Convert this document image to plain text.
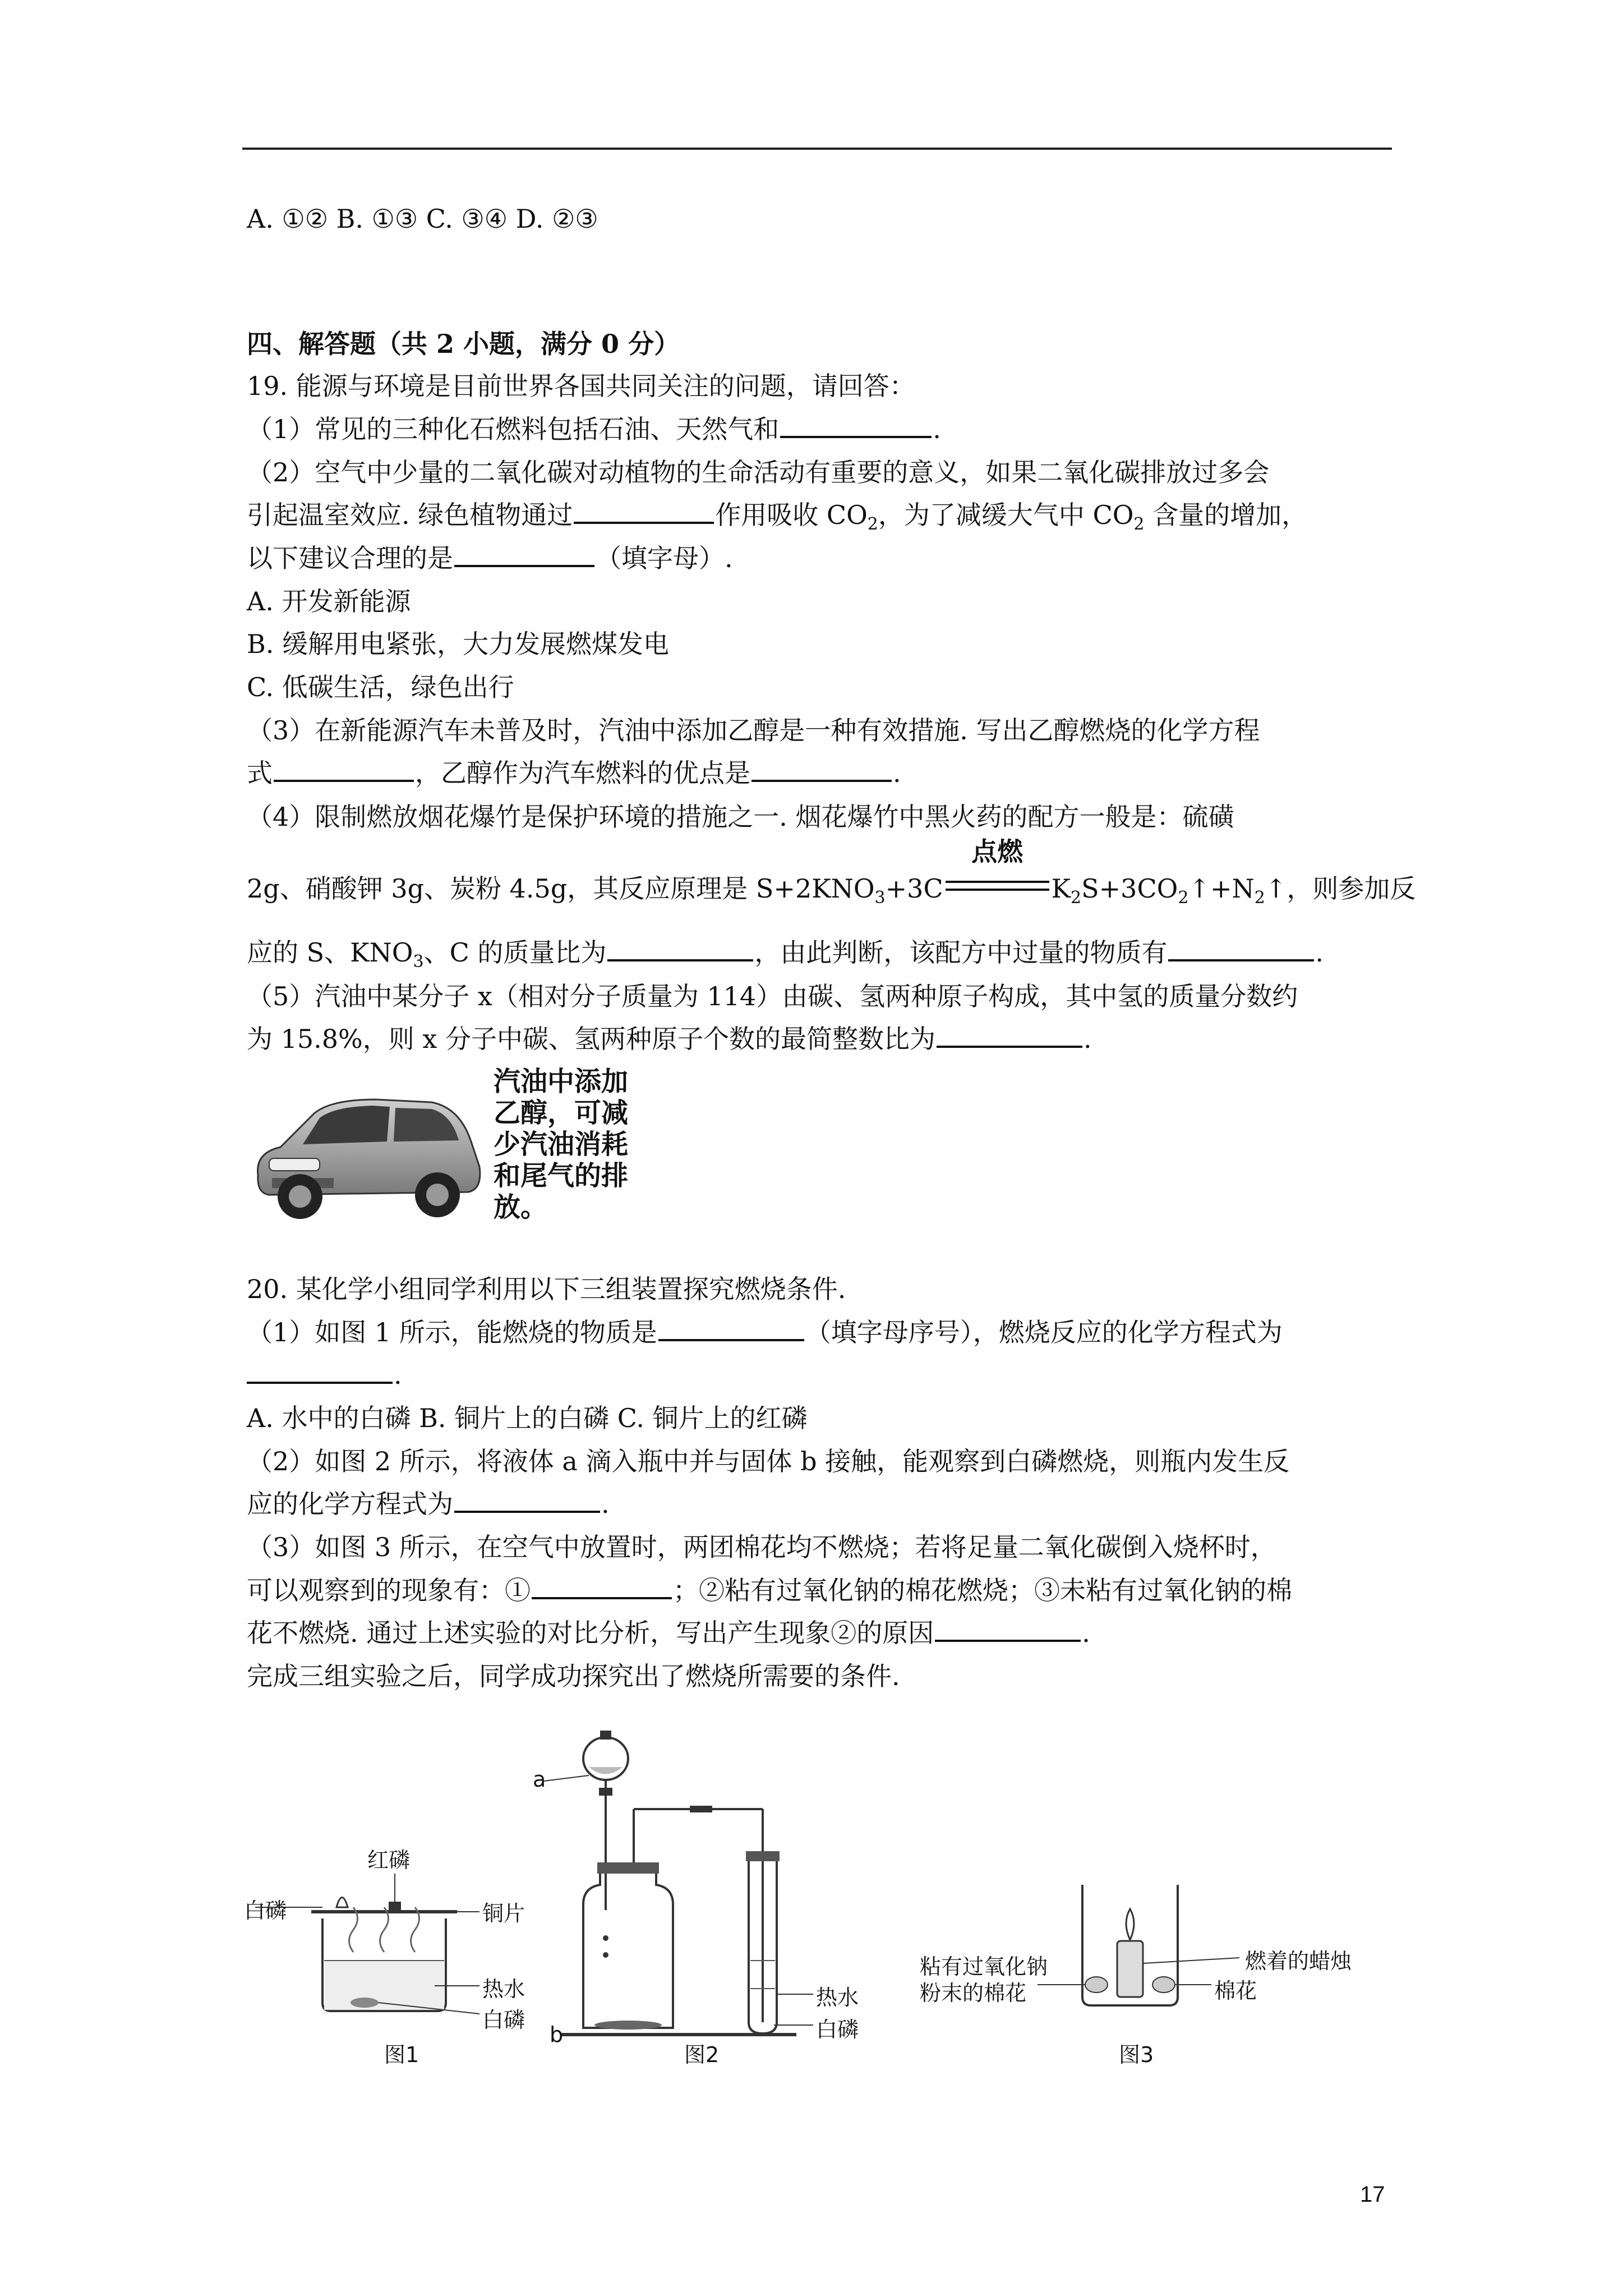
A. ①② B. ①③ C. ③④ D. ②③
四、解答题（共 2 小题，满分 0 分）
19. 能源与环境是目前世界各国共同关注的问题，请回答：
（1）常见的三种化石燃料包括石油、天然气和	.
（2）空气中少量的二氧化碳对动植物的生命活动有重要的意义，如果二氧化碳排放过多会
引起温室效应. 绿色植物通过	作用吸收 $CO_2$，为了减缓大气中 $CO_2$ 含量的增加，
以下建议合理的是	（填字母）.
A. 开发新能源
B. 缓解用电紧张，大力发展燃煤发电
C. 低碳生活，绿色出行
（3）在新能源汽车未普及时，汽油中添加乙醇是一种有效措施. 写出乙醇燃烧的化学方程
式	，乙醇作为汽车燃料的优点是	.
（4）限制燃放烟花爆竹是保护环境的措施之一. 烟花爆竹中黑火药的配方一般是：硫磺
2g、硝酸钾 3g、炭粉 4.5g，其反应原理是 $S+2KNO_3+3C$
点燃
$K_2S+3CO_2↑+N_2↑$，则参加反
应的 S、$KNO_3$、C 的质量比为	，由此判断，该配方中过量的物质有	.
（5）汽油中某分子 x（相对分子质量为 114）由碳、氢两种原子构成，其中氢的质量分数约
为 15.8%，则 x 分子中碳、氢两种原子个数的最简整数比为	.
汽油中添加
乙醇，可减
少汽油消耗
和尾气的排
放。
20. 某化学小组同学利用以下三组装置探究燃烧条件.
（1）如图 1 所示，能燃烧的物质是	（填字母序号），燃烧反应的化学方程式为
.
A. 水中的白磷 B. 铜片上的白磷 C. 铜片上的红磷
（2）如图 2 所示，将液体 a 滴入瓶中并与固体 b 接触，能观察到白磷燃烧，则瓶内发生反
应的化学方程式为	.
（3）如图 3 所示，在空气中放置时，两团棉花均不燃烧；若将足量二氧化碳倒入烧杯时，
可以观察到的现象有：①	；②粘有过氧化钠的棉花燃烧；③未粘有过氧化钠的棉
花不燃烧. 通过上述实验的对比分析，写出产生现象②的原因	.
完成三组实验之后，同学成功探究出了燃烧所需要的条件.
红磷
白磷	铜片
热水
白磷
图1
a
b
热水
白磷
图2
粘有过氧化钠
粉末的棉花
燃着的蜡烛
棉花
图3
17
